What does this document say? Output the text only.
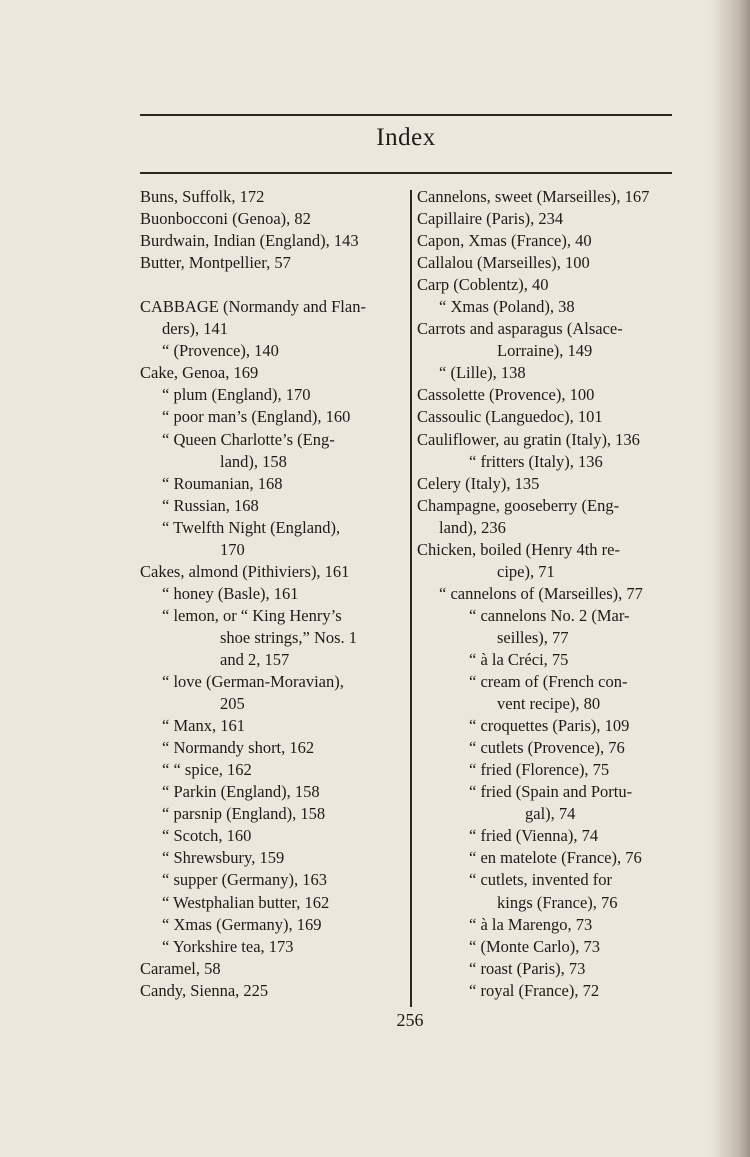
Index
Buns, Suffolk, 172
Buonbocconi (Genoa), 82
Burdwain, Indian (England), 143
Butter, Montpellier, 57
CABBAGE (Normandy and Flan-
ders), 141
“ (Provence), 140
Cake, Genoa, 169
“ plum (England), 170
“ poor man’s (England), 160
“ Queen Charlotte’s (Eng-
land), 158
“ Roumanian, 168
“ Russian, 168
“ Twelfth Night (England),
170
Cakes, almond (Pithiviers), 161
“ honey (Basle), 161
“ lemon, or “ King Henry’s
shoe strings,” Nos. 1
and 2, 157
“ love (German-Moravian),
205
“ Manx, 161
“ Normandy short, 162
“ “ spice, 162
“ Parkin (England), 158
“ parsnip (England), 158
“ Scotch, 160
“ Shrewsbury, 159
“ supper (Germany), 163
“ Westphalian butter, 162
“ Xmas (Germany), 169
“ Yorkshire tea, 173
Caramel, 58
Candy, Sienna, 225
Cannelons, sweet (Marseilles), 167
Capillaire (Paris), 234
Capon, Xmas (France), 40
Callalou (Marseilles), 100
Carp (Coblentz), 40
“ Xmas (Poland), 38
Carrots and asparagus (Alsace-
Lorraine), 149
“ (Lille), 138
Cassolette (Provence), 100
Cassoulic (Languedoc), 101
Cauliflower, au gratin (Italy), 136
“ fritters (Italy), 136
Celery (Italy), 135
Champagne, gooseberry (Eng-
land), 236
Chicken, boiled (Henry 4th re-
cipe), 71
“ cannelons of (Marseilles), 77
“ cannelons No. 2 (Mar-
seilles), 77
“ à la Créci, 75
“ cream of (French con-
vent recipe), 80
“ croquettes (Paris), 109
“ cutlets (Provence), 76
“ fried (Florence), 75
“ fried (Spain and Portu-
gal), 74
“ fried (Vienna), 74
“ en matelote (France), 76
“ cutlets, invented for
kings (France), 76
“ à la Marengo, 73
“ (Monte Carlo), 73
“ roast (Paris), 73
“ royal (France), 72
256
